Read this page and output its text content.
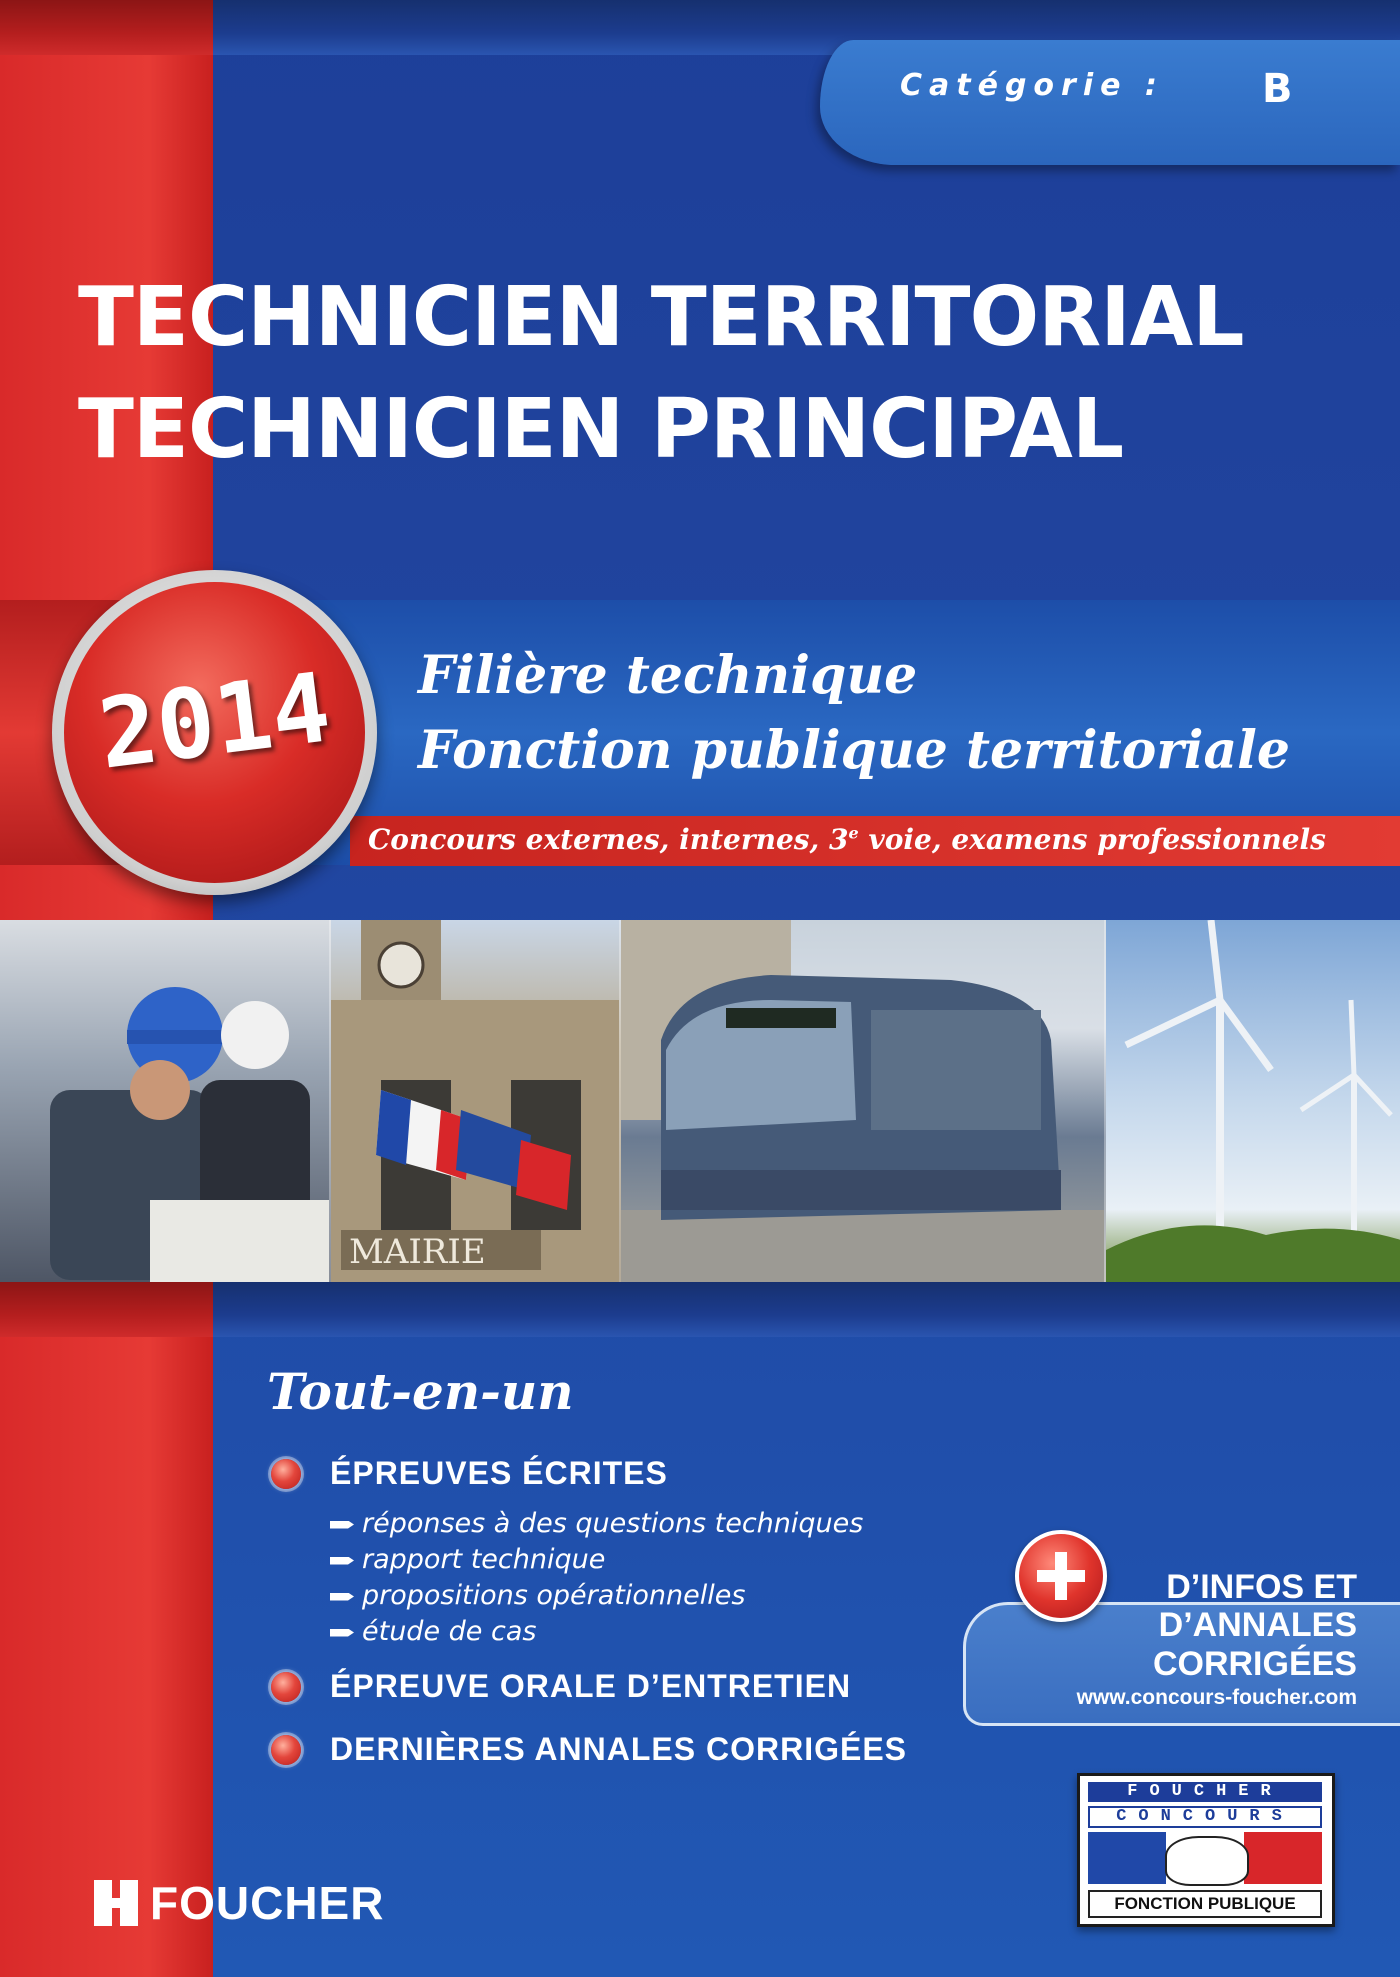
Catégorie : B
TECHNICIEN TERRITORIAL
TECHNICIEN PRINCIPAL
Filière technique
Fonction publique territoriale
Concours externes, internes, 3e voie, examens professionnels
2014
MAIRIE
Tout-en-un
ÉPREUVES ÉCRITES
réponses à des questions techniques
rapport technique
propositions opérationnelles
étude de cas
ÉPREUVE ORALE D’ENTRETIEN
DERNIÈRES ANNALES CORRIGÉES
D’INFOS ET
D’ANNALES
CORRIGÉES
www.concours-foucher.com
FOUCHER
CONCOURS
FONCTION PUBLIQUE
FOUCHER
